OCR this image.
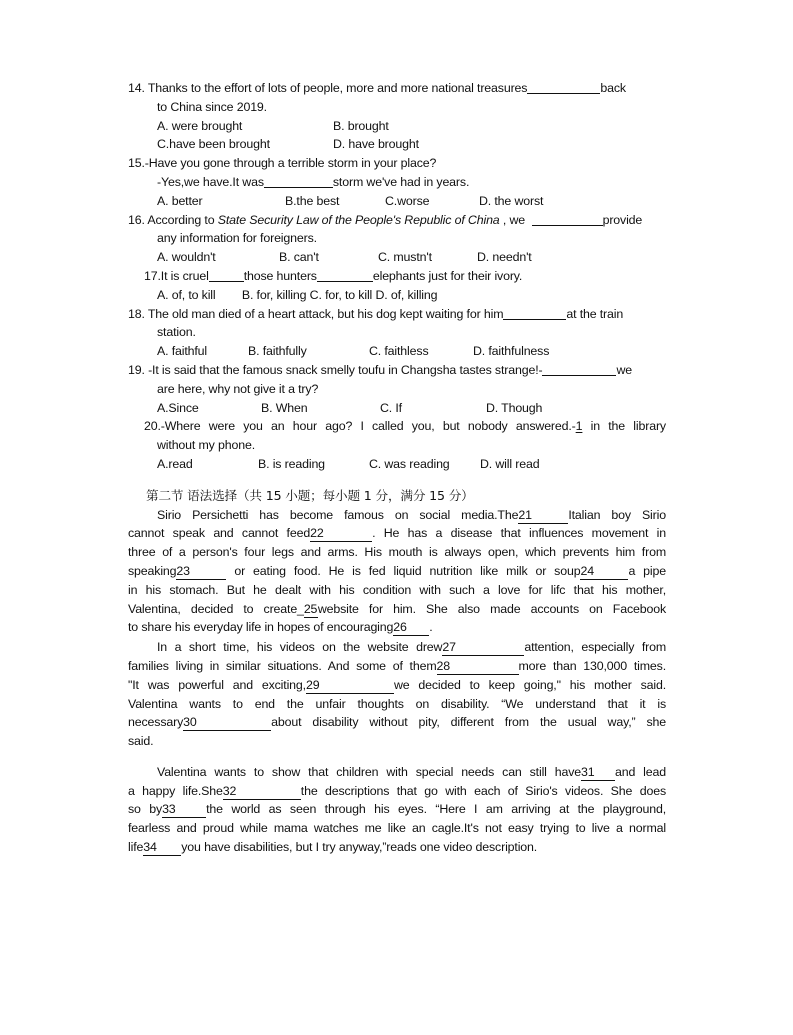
14. Thanks to the effort of lots of people, more and more national treasures	back
to China since 2019.
A. were brought	B. brought
C.have been brought	D. have brought
15.-Have you gone through a terrible storm in your place?
-Yes,we have.It was	storm we've had in years.
A. better	B.the best	C.worse	D. the worst
16. According to State Security Law of the People's Republic of China , we	provide
any information for foreigners.
A. wouldn't	B. can't	C. mustn't	D. needn't
17.It is cruel	those hunters	elephants just for their ivory.
A. of, to kill        B. for, killing C. for, to kill D. of, killing
18. The old man died of a heart attack, but his dog kept waiting for him	at the train
station.
A. faithful	B. faithfully	C. faithless	D. faithfulness
19. -It is said that the famous snack smelly toufu in Changsha tastes strange!-	we
are here, why not give it a try?
A.Since	B. When	C. If	D. Though
20.-Where were you an hour ago? I called you, but nobody answered.-1 in the library
without my phone.
A.read	B. is reading	C. was reading	D. will read
第二节 语法选择（共 15 小题；每小题 1 分，满分 15 分）
Sirio Persichetti has become famous on social media.The21	Italian boy Sirio
cannot speak and cannot feed22	. He has a disease that influences movement in
three of a person's four legs and arms. His mouth is always open, which prevents him from
speaking23	or eating food. He is fed liquid nutrition like milk or soup24	a pipe
in his stomach. But he dealt with his condition with such a love for lifc that his mother,
Valentina, decided to create_25website for him. She also made accounts on Facebook
to share his everyday life in hopes of encouraging26 .
In a short time, his videos on the website drew27	attention, especially from
families living in similar situations. And some of them28	more than 130,000 times.
"It was powerful and exciting,29	we decided to keep going," his mother said.
Valentina wants to end the unfair thoughts on disability. “We understand that it is
necessary30	about disability without pity, different from the usual way,” she
said.
Valentina wants to show that children with special needs can still have31 and lead
a happy life.She32	the descriptions that go with each of Sirio's videos. She does
so by33the world as seen through his eyes. “Here I am arriving at the playground,
fearless and proud while mama watches me like an cagle.It's not easy trying to live a normal
life34 you have disabilities, but I try anyway,”reads one video description.
